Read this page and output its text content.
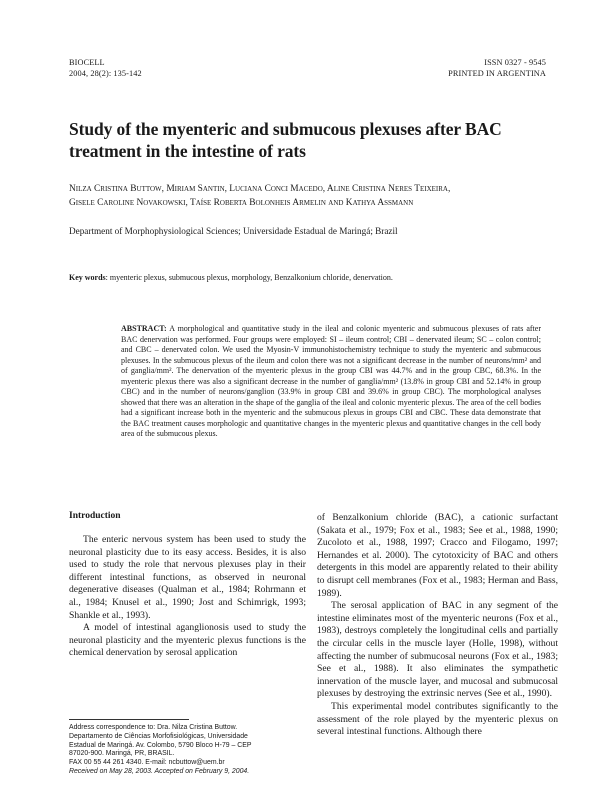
BIOCELL
2004, 28(2): 135-142
ISSN 0327 - 9545
PRINTED IN ARGENTINA
Study of the myenteric and submucous plexuses after BAC treatment in the intestine of rats
Nilza Cristina Buttow, Miriam Santin, Luciana Conci Macedo, Aline Cristina Neres Teixeira,
Gisele Caroline Novakowski, Taíse Roberta Bolonheis Armelin and Kathya Assmann
Department of Morphophysiological Sciences; Universidade Estadual de Maringá; Brazil
Key words: myenteric plexus, submucous plexus, morphology, Benzalkonium chloride, denervation.
ABSTRACT: A morphological and quantitative study in the ileal and colonic myenteric and submucous plexuses of rats after BAC denervation was performed. Four groups were employed: SI – ileum control; CBI – denervated ileum; SC – colon control; and CBC – denervated colon. We used the Myosin-V immunohistochemistry technique to study the myenteric and submucous plexuses. In the submucous plexus of the ileum and colon there was not a significant decrease in the number of neurons/mm² and of ganglia/mm². The denervation of the myenteric plexus in the group CBI was 44.7% and in the group CBC, 68.3%. In the myenteric plexus there was also a significant decrease in the number of ganglia/mm² (13.8% in group CBI and 52.14% in group CBC) and in the number of neurons/ganglion (33.9% in group CBI and 39.6% in group CBC). The morphological analyses showed that there was an alteration in the shape of the ganglia of the ileal and colonic myenteric plexus. The area of the cell bodies had a significant increase both in the myenteric and the submucous plexus in groups CBI and CBC. These data demonstrate that the BAC treatment causes morphologic and quantitative changes in the myenteric plexus and quantitative changes in the cell body area of the submucous plexus.
Introduction

The enteric nervous system has been used to study the neuronal plasticity due to its easy access. Besides, it is also used to study the role that nervous plexuses play in their different intestinal functions, as observed in neuronal degenerative diseases (Qualman et al., 1984; Rohrmann et al., 1984; Knusel et al., 1990; Jost and Schimrigk, 1993; Shankle et al., 1993).

A model of intestinal aganglionosis used to study the neuronal plasticity and the myenteric plexus functions is the chemical denervation by serosal application

of Benzalkonium chloride (BAC), a cationic surfactant (Sakata et al., 1979; Fox et al., 1983; See et al., 1988, 1990; Zucoloto et al., 1988, 1997; Cracco and Filogamo, 1997; Hernandes et al. 2000). The cytotoxicity of BAC and others detergents in this model are apparently related to their ability to disrupt cell membranes (Fox et al., 1983; Herman and Bass, 1989).

The serosal application of BAC in any segment of the intestine eliminates most of the myenteric neurons (Fox et al., 1983), destroys completely the longitudinal cells and partially the circular cells in the muscle layer (Holle, 1998), without affecting the number of submucosal neurons (Fox et al., 1983; See et al., 1988). It also eliminates the sympathetic innervation of the muscle layer, and mucosal and submucosal plexuses by destroying the extrinsic nerves (See et al., 1990).

This experimental model contributes significantly to the assessment of the role played by the myenteric plexus on several intestinal functions. Although there

Address correspondence to: Dra. Nilza Cristina Buttow.
Departamento de Ciências Morfofisiológicas, Universidade
Estadual de Maringá. Av. Colombo, 5790 Bloco H-79 – CEP
87020-900. Maringá, PR, BRASIL.
FAX 00 55 44 261 4340. E-mail: ncbuttow@uem.br
Received on May 28, 2003. Accepted on February 9, 2004.
